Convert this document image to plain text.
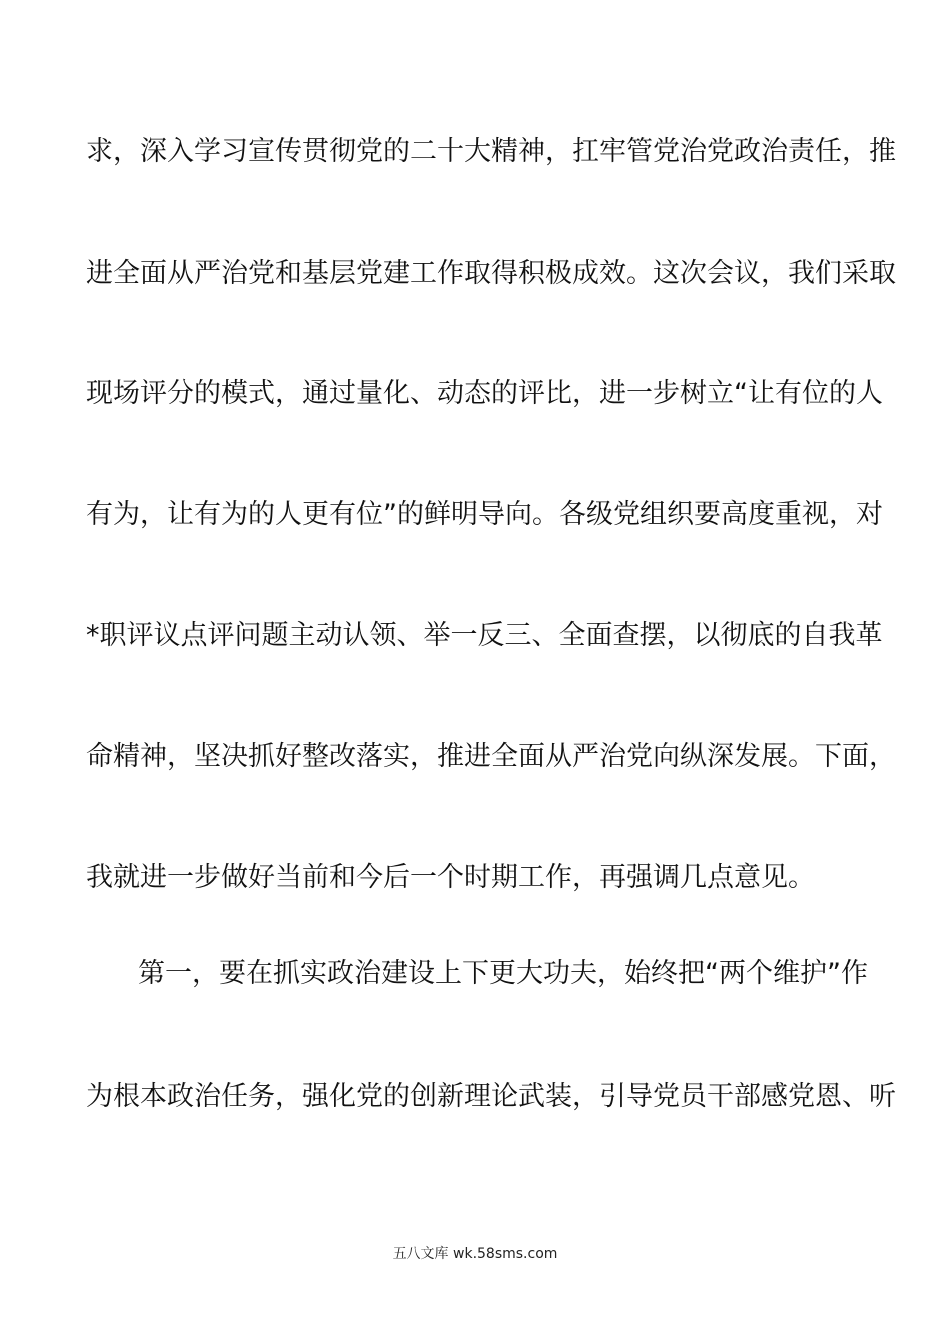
求，深入学习宣传贯彻党的二十大精神，扛牢管党治党政治责任，推
进全面从严治党和基层党建工作取得积极成效。这次会议，我们采取
现场评分的模式，通过量化、动态的评比，进一步树立“让有位的人
有为，让有为的人更有位”的鲜明导向。各级党组织要高度重视，对
*职评议点评问题主动认领、举一反三、全面查摆，以彻底的自我革
命精神，坚决抓好整改落实，推进全面从严治党向纵深发展。下面，
我就进一步做好当前和今后一个时期工作，再强调几点意见。
第一，要在抓实政治建设上下更大功夫，始终把“两个维护”作
为根本政治任务，强化党的创新理论武装，引导党员干部感党恩、听
五八文库 wk.58sms.com
